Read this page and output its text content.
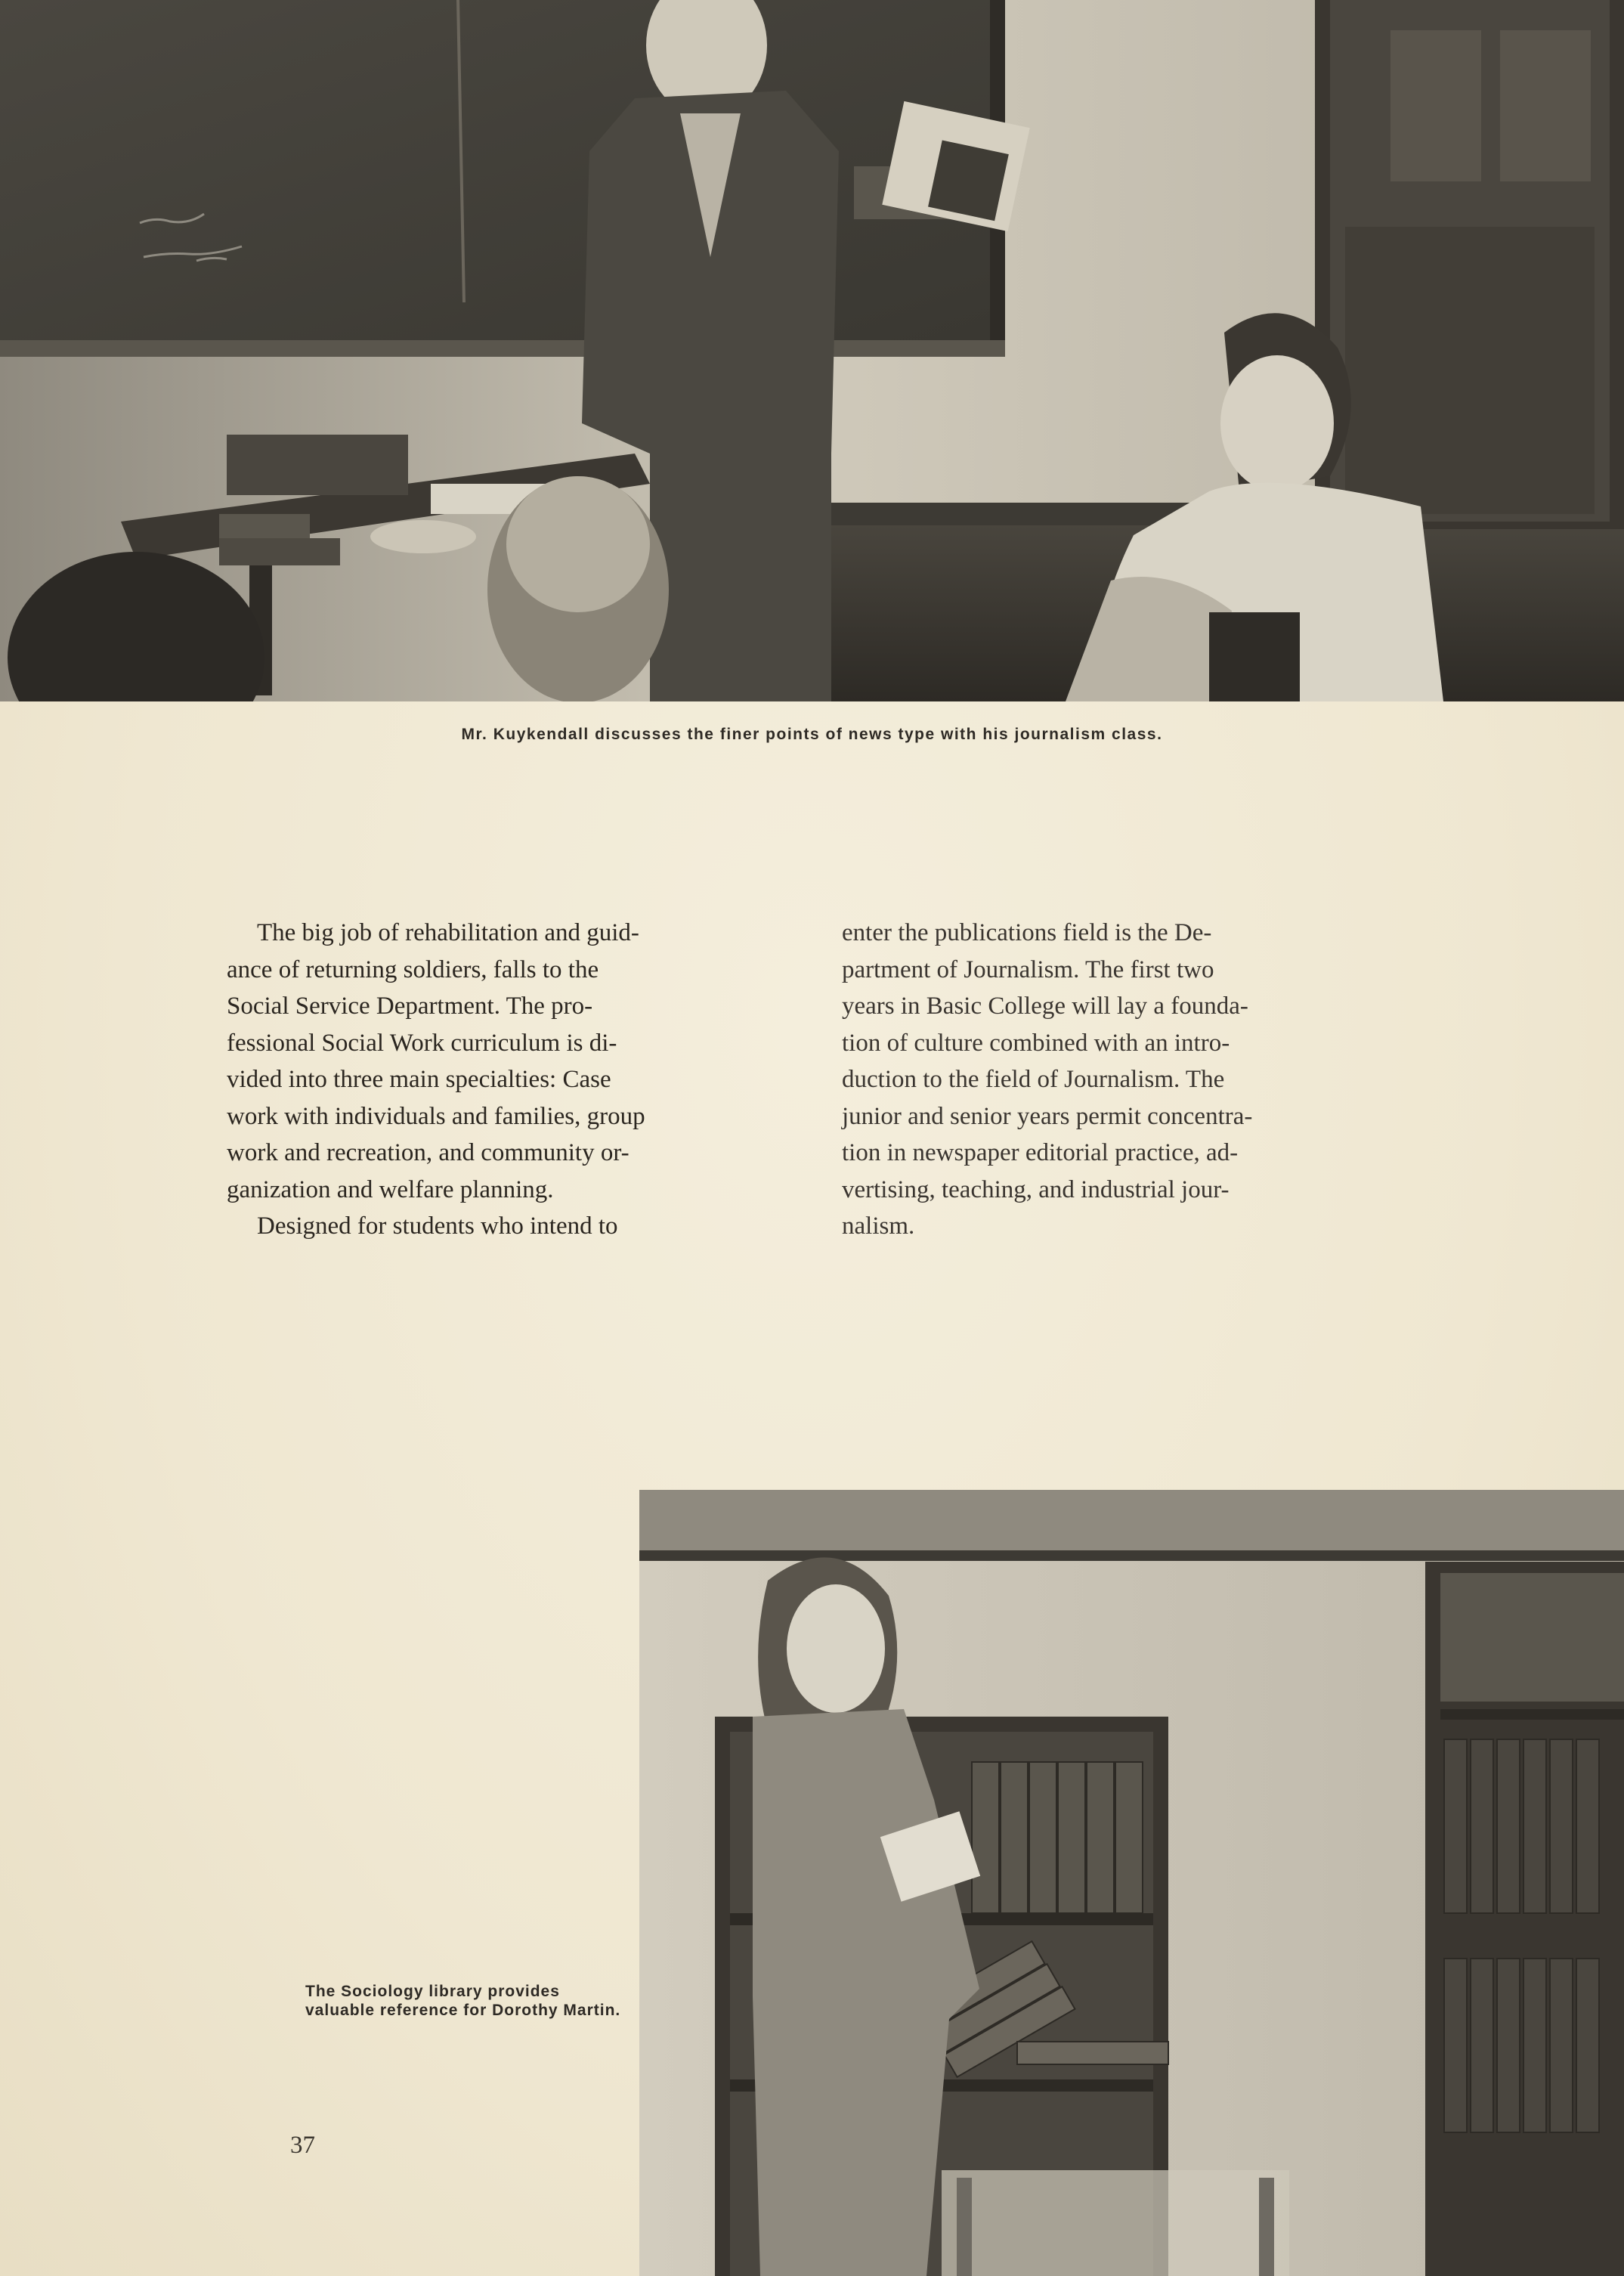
Mr. Kuykendall discusses the finer points of news type with his journalism class.

The big job of rehabilitation and guid-

ance of returning soldiers, falls to the

Social Service Department. The pro-

fessional Social Work curriculum is di-

vided into three main specialties: Case

work with individuals and families, group

work and recreation, and community or-

ganization and welfare planning.

Designed for students who intend to

enter the publications field is the De-

partment of Journalism. The first two

years in Basic College will lay a founda-

tion of culture combined with an intro-

duction to the field of Journalism. The

junior and senior years permit concentra-

tion in newspaper editorial practice, ad-

vertising, teaching, and industrial jour-

nalism.

The Sociology library provides valuable reference for Dorothy Martin.
37
